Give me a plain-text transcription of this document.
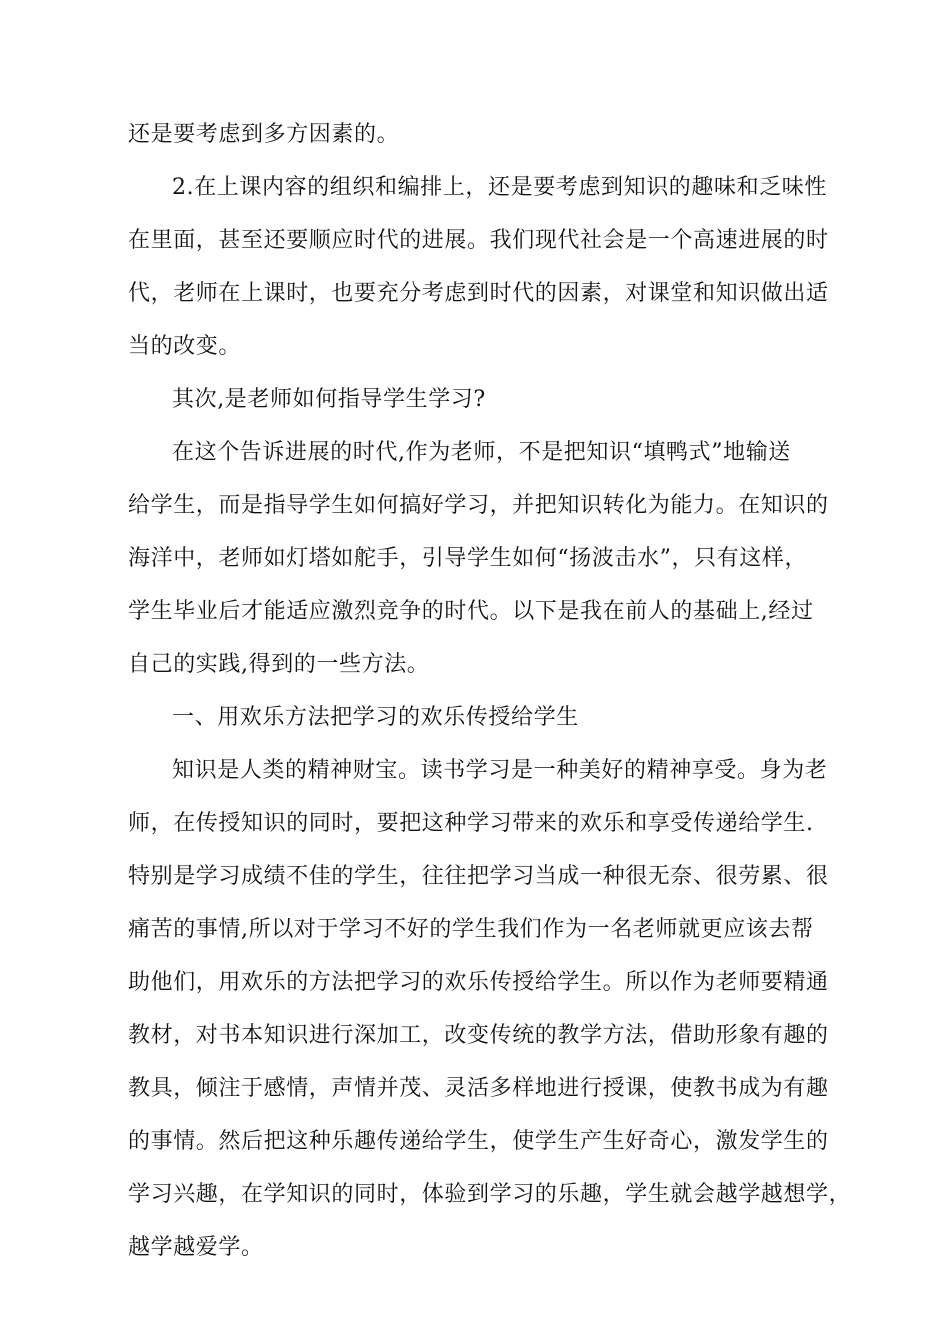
还是要考虑到多方因素的。
2.在上课内容的组织和编排上，还是要考虑到知识的趣味和乏味性
在里面，甚至还要顺应时代的进展。我们现代社会是一个高速进展的时
代，老师在上课时，也要充分考虑到时代的因素，对课堂和知识做出适
当的改变。
其次,是老师如何指导学生学习?
在这个告诉进展的时代,作为老师，不是把知识“填鸭式”地输送
给学生，而是指导学生如何搞好学习，并把知识转化为能力。在知识的
海洋中，老师如灯塔如舵手，引导学生如何“扬波击水”，只有这样，
学生毕业后才能适应激烈竞争的时代。以下是我在前人的基础上,经过
自己的实践,得到的一些方法。
一、用欢乐方法把学习的欢乐传授给学生
知识是人类的精神财宝。读书学习是一种美好的精神享受。身为老
师，在传授知识的同时，要把这种学习带来的欢乐和享受传递给学生.
特别是学习成绩不佳的学生，往往把学习当成一种很无奈、很劳累、很
痛苦的事情,所以对于学习不好的学生我们作为一名老师就更应该去帮
助他们，用欢乐的方法把学习的欢乐传授给学生。所以作为老师要精通
教材，对书本知识进行深加工，改变传统的教学方法，借助形象有趣的
教具，倾注于感情，声情并茂、灵活多样地进行授课，使教书成为有趣
的事情。然后把这种乐趣传递给学生，使学生产生好奇心，激发学生的
学习兴趣，在学知识的同时，体验到学习的乐趣，学生就会越学越想学，
越学越爱学。
